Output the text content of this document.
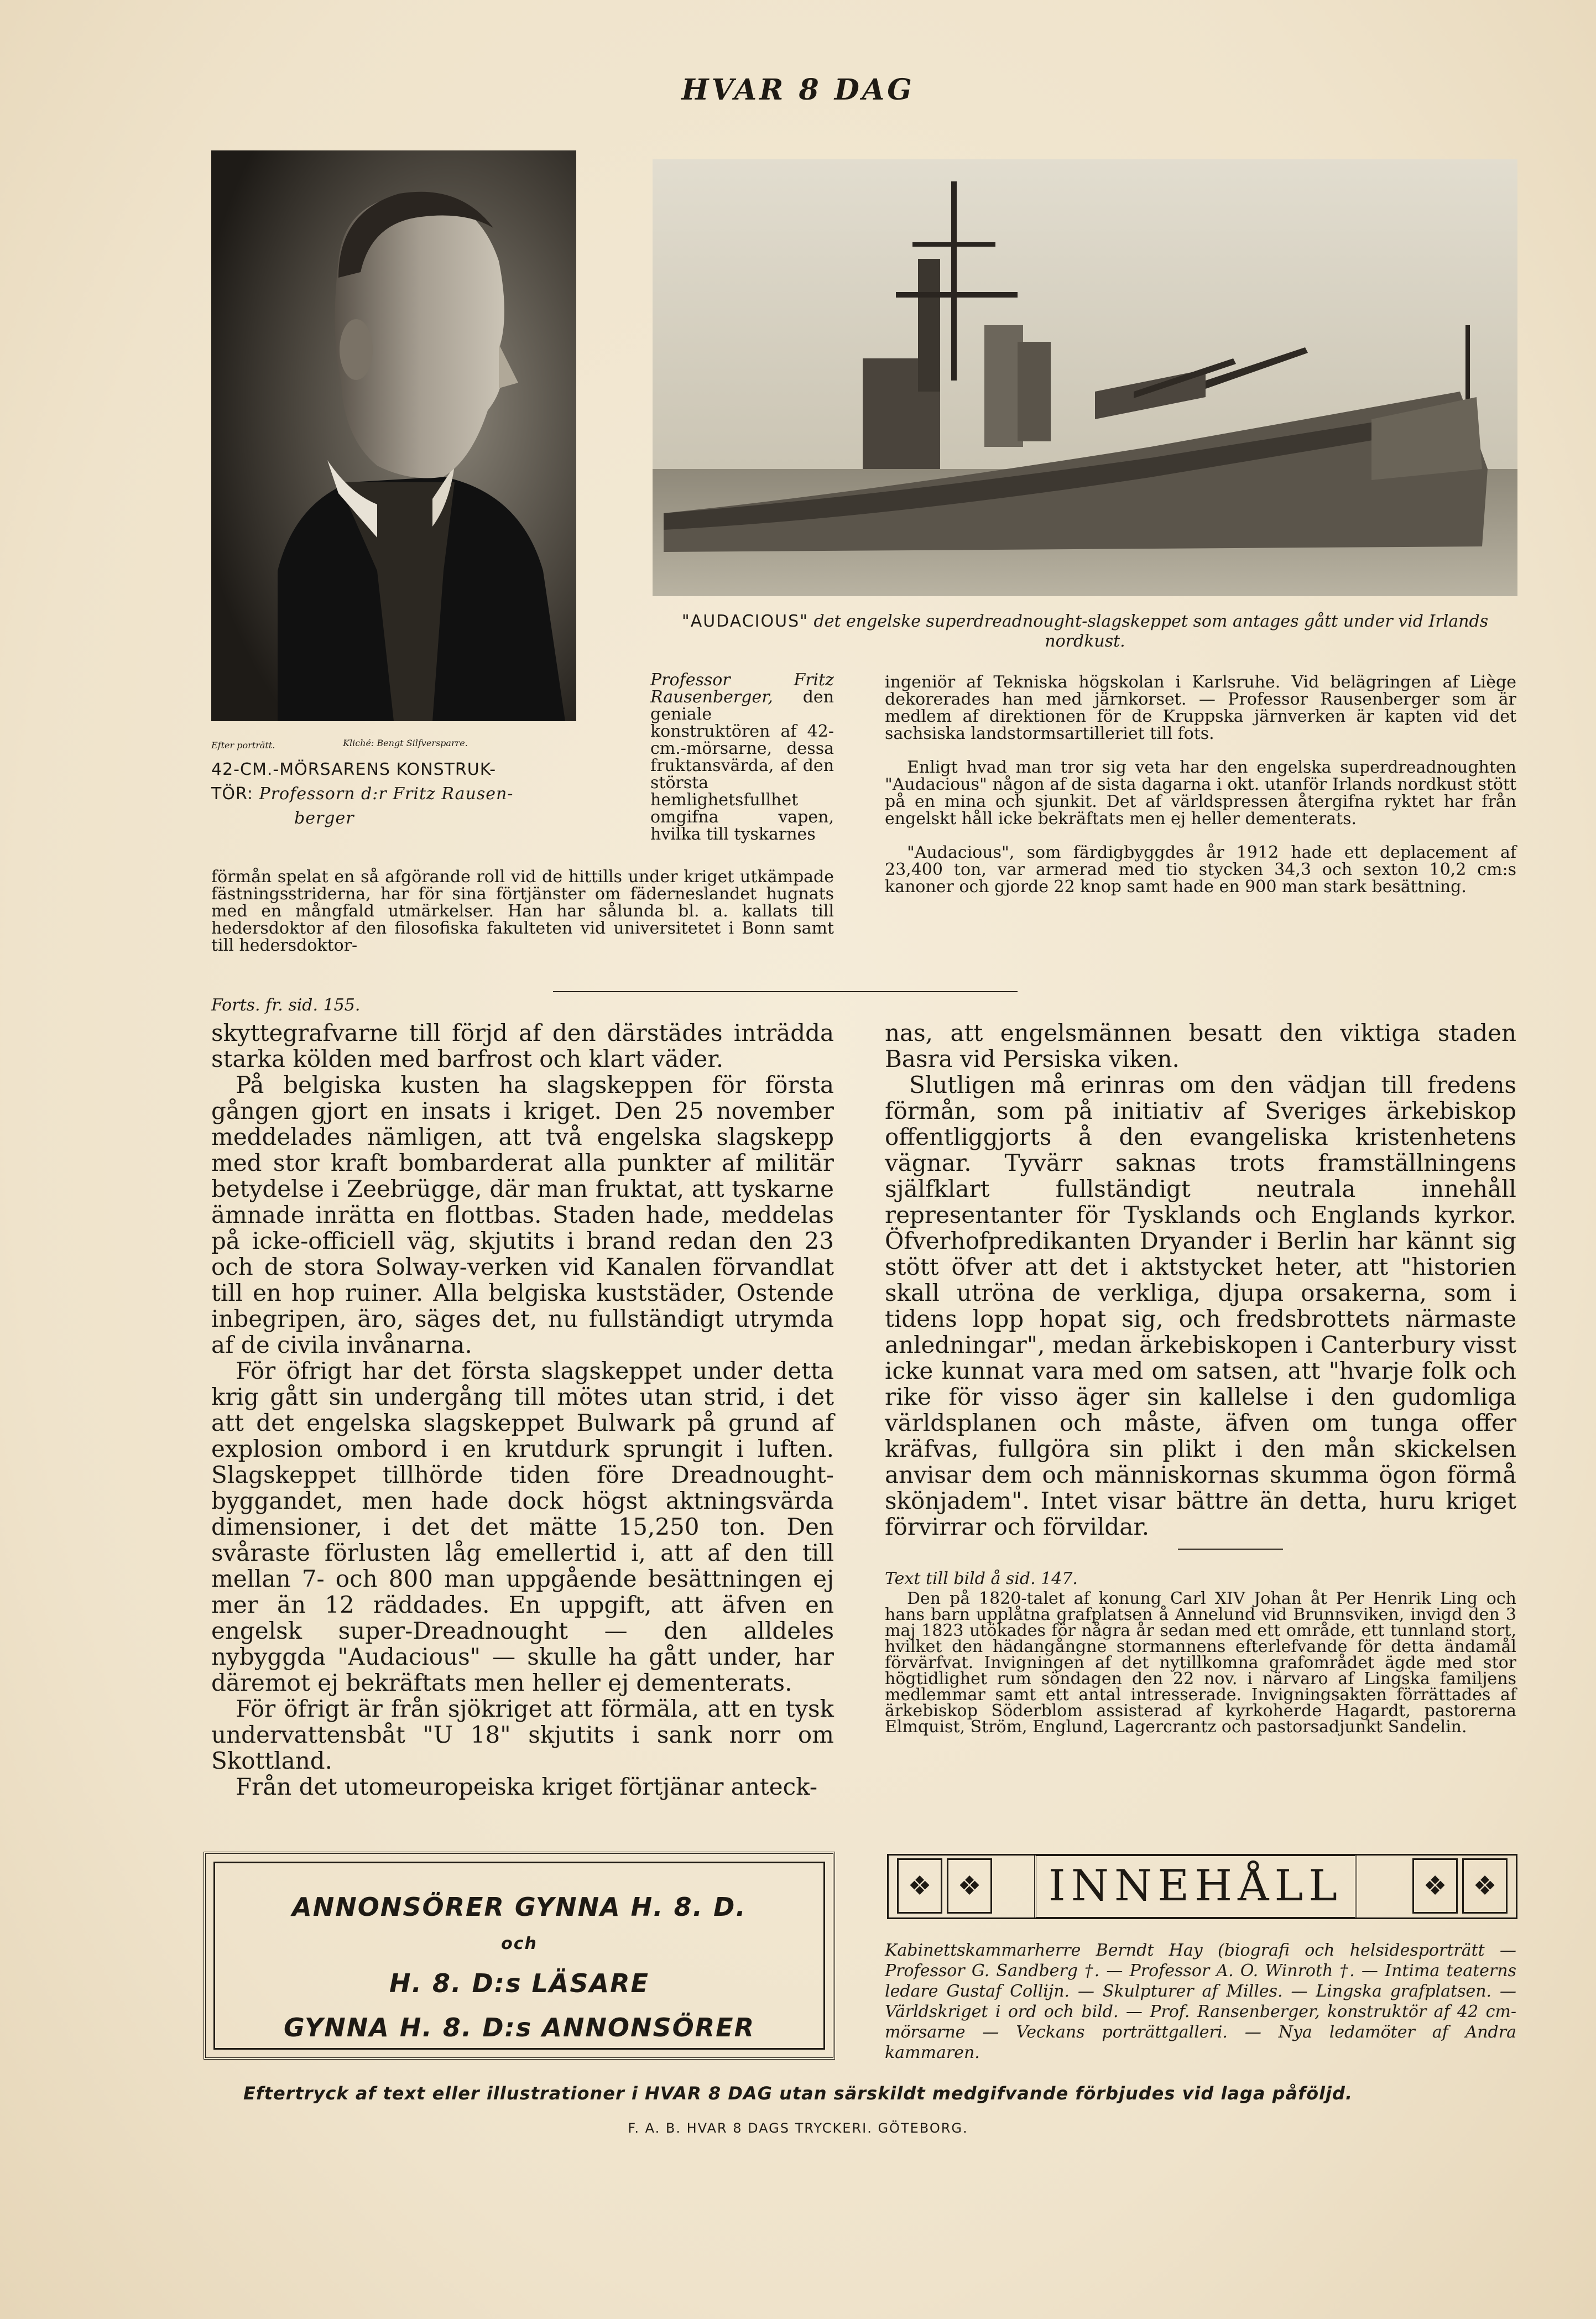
HVAR 8 DAG
Efter porträtt.	Kliché: Bengt Silfversparre.
42-CM.-MÖRSARENS KONSTRUK-
TÖR: Professorn d:r Fritz Rausen-
berger
"AUDACIOUS" det engelske superdreadnought-slagskeppet som antages gått under vid Irlands nordkust.

Professor Fritz Rausenberger, den geniale konstruktören af 42-cm.-mörsarne, dessa fruktansvärda, af den största hemlighetsfullhet omgifna vapen, hvilka till tyskarnes

förmån spelat en så afgörande roll vid de hittills under kriget utkämpade fästningsstriderna, har för sina förtjänster om fäderneslandet hugnats med en mångfald utmärkelser. Han har sålunda bl. a. kallats till hedersdoktor af den filosofiska fakulteten vid universitetet i Bonn samt till hedersdoktor-

ingeniör af Tekniska högskolan i Karlsruhe. Vid belägringen af Liège dekorerades han med järnkorset. — Professor Rausenberger som är medlem af direktionen för de Kruppska järnverken är kapten vid det sachsiska landstormsartilleriet till fots.

Enligt hvad man tror sig veta har den engelska superdreadnoughten "Audacious" någon af de sista dagarna i okt. utanför Irlands nordkust stött på en mina och sjunkit. Det af världspressen återgifna ryktet har från engelskt håll icke bekräftats men ej heller dementerats.

"Audacious", som färdigbyggdes år 1912 hade ett deplacement af 23,400 ton, var armerad med tio stycken 34,3 och sexton 10,2 cm:s kanoner och gjorde 22 knop samt hade en 900 man stark besättning.

Forts. fr. sid. 155.

skyttegrafvarne till förjd af den därstädes inträdda starka kölden med barfrost och klart väder.

På belgiska kusten ha slagskeppen för första gången gjort en insats i kriget. Den 25 november meddelades nämligen, att två engelska slagskepp med stor kraft bombarderat alla punkter af militär betydelse i Zeebrügge, där man fruktat, att tyskarne ämnade inrätta en flottbas. Staden hade, meddelas på icke-officiell väg, skjutits i brand redan den 23 och de stora Solway-verken vid Kanalen förvandlat till en hop ruiner. Alla belgiska kuststäder, Ostende inbegripen, äro, säges det, nu fullständigt utrymda af de civila invånarna.

För öfrigt har det första slagskeppet under detta krig gått sin undergång till mötes utan strid, i det att det engelska slagskeppet Bulwark på grund af explosion ombord i en krutdurk sprungit i luften. Slagskeppet tillhörde tiden före Dreadnought-byggandet, men hade dock högst aktningsvärda dimensioner, i det det mätte 15,250 ton. Den svåraste förlusten låg emellertid i, att af den till mellan 7- och 800 man uppgående besättningen ej mer än 12 räddades. En uppgift, att äfven en engelsk super-Dreadnought — den alldeles nybyggda "Audacious" — skulle ha gått under, har däremot ej bekräftats men heller ej dementerats.

För öfrigt är från sjökriget att förmäla, att en tysk undervattensbåt "U 18" skjutits i sank norr om Skottland.

Från det utomeuropeiska kriget förtjänar anteck-

nas, att engelsmännen besatt den viktiga staden Basra vid Persiska viken.

Slutligen må erinras om den vädjan till fredens förmån, som på initiativ af Sveriges ärkebiskop offentliggjorts å den evangeliska kristenhetens vägnar. Tyvärr saknas trots framställningens själfklart fullständigt neutrala innehåll representanter för Tysklands och Englands kyrkor. Öfverhofpredikanten Dryander i Berlin har kännt sig stött öfver att det i aktstycket heter, att "historien skall utröna de verkliga, djupa orsakerna, som i tidens lopp hopat sig, och fredsbrottets närmaste anledningar", medan ärkebiskopen i Canterbury visst icke kunnat vara med om satsen, att "hvarje folk och rike för visso äger sin kallelse i den gudomliga världsplanen och måste, äfven om tunga offer kräfvas, fullgöra sin plikt i den mån skickelsen anvisar dem och människornas skumma ögon förmå skönjadem". Intet visar bättre än detta, huru kriget förvirrar och förvildar.

Text till bild å sid. 147.
Den på 1820-talet af konung Carl XIV Johan åt Per Henrik Ling och hans barn upplåtna grafplatsen å Annelund vid Brunnsviken, invigd den 3 maj 1823 utökades för några år sedan med ett område, ett tunnland stort, hvilket den hädangångne stormannens efterlefvande för detta ändamål förvärfvat. Invigningen af det nytillkomna grafområdet ägde med stor högtidlighet rum söndagen den 22 nov. i närvaro af Lingska familjens medlemmar samt ett antal intresserade. Invigningsakten förrättades af ärkebiskop Söderblom assisterad af kyrkoherde Hagardt, pastorerna Elmquist, Ström, Englund, Lagercrantz och pastorsadjunkt Sandelin.
ANNONSÖRER GYNNA H. 8. D.
och
H. 8. D:s LÄSARE
GYNNA H. 8. D:s ANNONSÖRER
❖ ❖	INNEHÅLL	❖ ❖
Kabinettskammarherre Berndt Hay (biografi och helsidesporträtt — Professor G. Sandberg †. — Professor A. O. Winroth †. — Intima teaterns ledare Gustaf Collijn. — Skulpturer af Milles. — Lingska grafplatsen. — Världskriget i ord och bild. — Prof. Ransenberger, konstruktör af 42 cm-mörsarne — Veckans porträttgalleri. — Nya ledamöter af Andra kammaren.
Eftertryck af text eller illustrationer i HVAR 8 DAG utan särskildt medgifvande förbjudes vid laga påföljd.
F. A. B. HVAR 8 DAGS TRYCKERI. GÖTEBORG.
